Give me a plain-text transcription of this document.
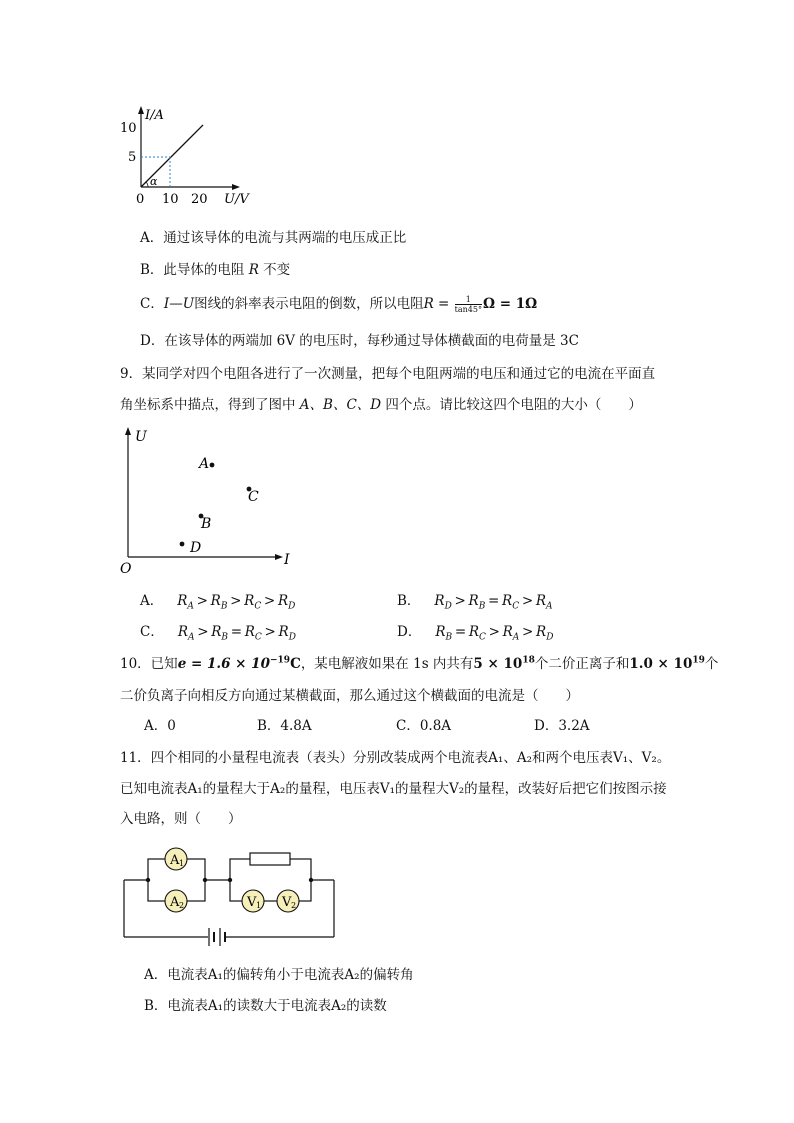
α
I/A
U/V
10
5
0 10 20
A．通过该导体的电流与其两端的电压成正比
B．此导体的电阻 R 不变
C．I—U图线的斜率表示电阻的倒数，所以电阻$R = \frac{1}{\tan 45^\circ}$ Ω = 1Ω
D．在该导体的两端加 6V 的电压时，每秒通过导体横截面的电荷量是 3C
9．某同学对四个电阻各进行了一次测量，把每个电阻两端的电压和通过它的电流在平面直
角坐标系中描点，得到了图中 A、B、C、D 四个点。请比较这四个电阻的大小（　　）
U
I
O
A
C
B
D
A． $R_A > R_B > R_C > R_D$	B． $R_D > R_B = R_C > R_A$
C． $R_A > R_B = R_C > R_D$	D． $R_B = R_C > R_A > R_D$
10．已知$e = 1.6 \times 10^{-19}C$，某电解液如果在 1s 内共有$5 \times 10^{18}$个二价正离子和$1.0 \times 10^{19}$个
二价负离子向相反方向通过某横截面，那么通过这个横截面的电流是（　　）
A．0	B．4.8A	C．0.8A	D．3.2A
11．四个相同的小量程电流表（表头）分别改装成两个电流表A₁、A₂和两个电压表V₁、V₂。
已知电流表A₁的量程大于A₂的量程，电压表V₁的量程大V₂的量程，改装好后把它们按图示接
入电路，则（　　）
A 1
A 2	V 1 V 2
A．电流表A₁的偏转角小于电流表A₂的偏转角
B．电流表A₁的读数大于电流表A₂的读数
